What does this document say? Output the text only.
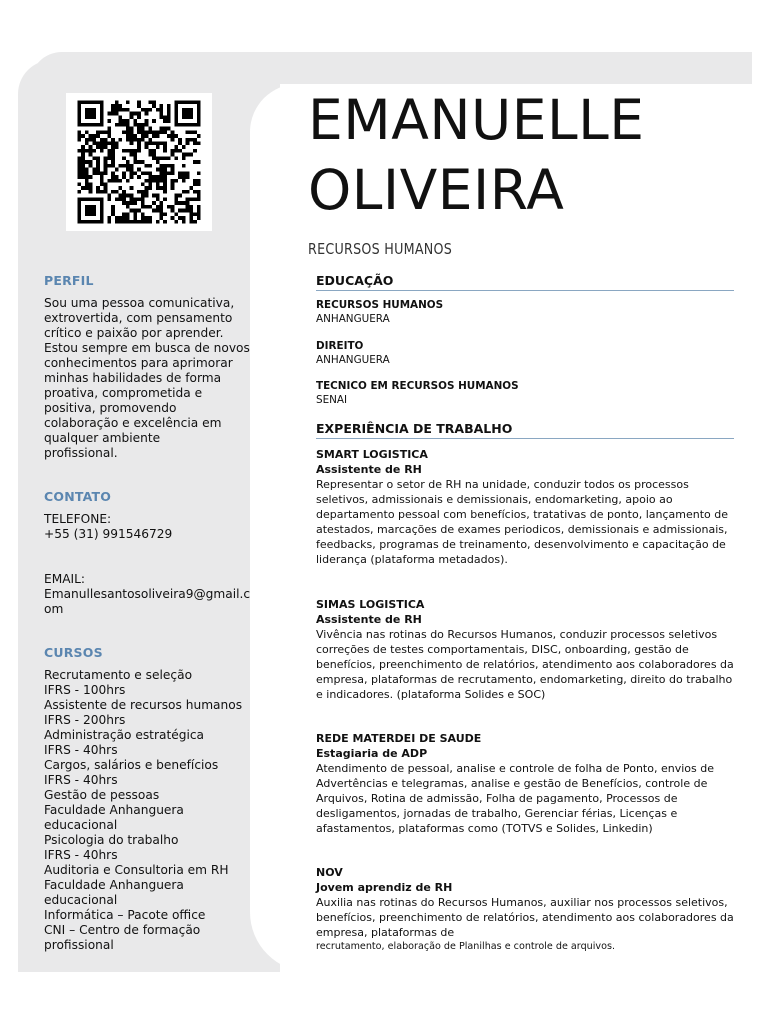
EMANUELLE
OLIVEIRA
RECURSOS HUMANOS
PERFIL

Sou uma pessoa comunicativa,
extrovertida, com pensamento
crítico e paixão por aprender.
Estou sempre em busca de novos
conhecimentos para aprimorar
minhas habilidades de forma
proativa, comprometida e
positiva, promovendo
colaboração e excelência em
qualquer ambiente
profissional.

CONTATO

TELEFONE:

+55 (31) 991546729

EMAIL:

Emanullesantosoliveira9@gmail.c
om

CURSOS

Recrutamento e seleção
IFRS - 100hrs
Assistente de recursos humanos
IFRS - 200hrs
Administração estratégica
IFRS - 40hrs
Cargos, salários e benefícios
IFRS - 40hrs
Gestão de pessoas
Faculdade Anhanguera
educacional
Psicologia do trabalho
IFRS - 40hrs
Auditoria e Consultoria em RH
Faculdade Anhanguera
educacional
Informática – Pacote office
CNI – Centro de formação
profissional

EDUCAÇÃO
RECURSOS HUMANOS
ANHANGUERA
DIREITO
ANHANGUERA
TECNICO EM RECURSOS HUMANOS
SENAI
EXPERIÊNCIA DE TRABALHO
SMART LOGISTICA
Assistente de RH
Representar o setor de RH na unidade, conduzir todos os processos seletivos, admissionais e demissionais, endomarketing, apoio ao departamento pessoal com benefícios, tratativas de ponto, lançamento de atestados, marcações de exames periodicos, demissionais e admissionais, feedbacks, programas de treinamento, desenvolvimento e capacitação de liderança (plataforma metadados).
SIMAS LOGISTICA
Assistente de RH
Vivência nas rotinas do Recursos Humanos, conduzir processos seletivos correções de testes comportamentais, DISC, onboarding, gestão de benefícios, preenchimento de relatórios, atendimento aos colaboradores da empresa, plataformas de recrutamento, endomarketing, direito do trabalho e indicadores. (plataforma Solides e SOC)
REDE MATERDEI DE SAUDE
Estagiaria de ADP
Atendimento de pessoal, analise e controle de folha de Ponto, envios de Advertências e telegramas, analise e gestão de Benefícios, controle de Arquivos, Rotina de admissão, Folha de pagamento, Processos de desligamentos, jornadas de trabalho, Gerenciar férias, Licenças e afastamentos, plataformas como (TOTVS e Solides, Linkedin)
NOV
Jovem aprendiz de RH
Auxilia nas rotinas do Recursos Humanos, auxiliar nos processos seletivos, benefícios, preenchimento de relatórios, atendimento aos colaboradores da empresa, plataformas de
recrutamento, elaboração de Planilhas e controle de arquivos.
